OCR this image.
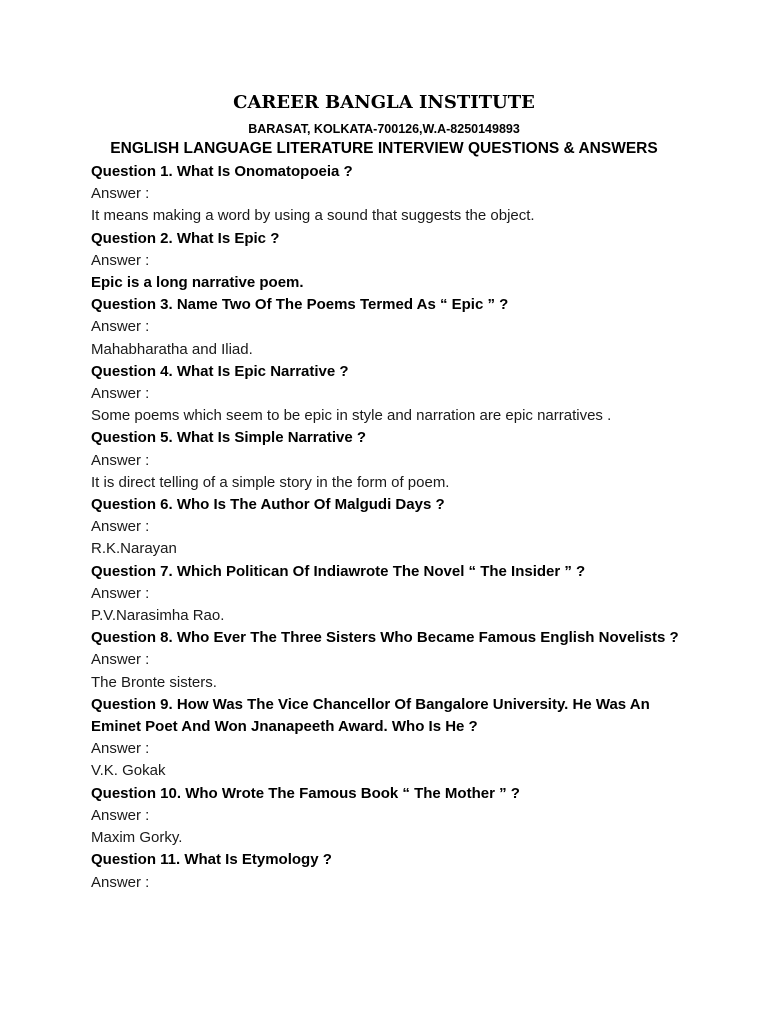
CAREER BANGLA INSTITUTE
BARASAT, KOLKATA-700126,W.A-8250149893
ENGLISH LANGUAGE LITERATURE INTERVIEW QUESTIONS & ANSWERS
Question 1. What Is Onomatopoeia ?
Answer :
It means making a word by using a sound that suggests the object.
Question 2. What Is Epic ?
Answer :
Epic is a long narrative poem.
Question 3. Name Two Of The Poems Termed As “ Epic ” ?
Answer :
Mahabharatha and Iliad.
Question 4. What Is Epic Narrative ?
Answer :
Some poems which seem to be epic in style and narration are epic narratives .
Question 5. What Is Simple Narrative ?
Answer :
It is direct telling of a simple story in the form of poem.
Question 6. Who Is The Author Of Malgudi Days ?
Answer :
R.K.Narayan
Question 7. Which Politican Of Indiawrote The Novel “ The Insider ” ?
Answer :
P.V.Narasimha Rao.
Question 8. Who Ever The Three Sisters Who Became Famous English Novelists ?
Answer :
The Bronte sisters.
Question 9. How Was The Vice Chancellor Of Bangalore University. He Was An Eminet Poet And Won Jnanapeeth Award. Who Is He ?
Answer :
V.K. Gokak
Question 10. Who Wrote The Famous Book “ The Mother ” ?
Answer :
Maxim Gorky.
Question 11. What Is Etymology ?
Answer :
